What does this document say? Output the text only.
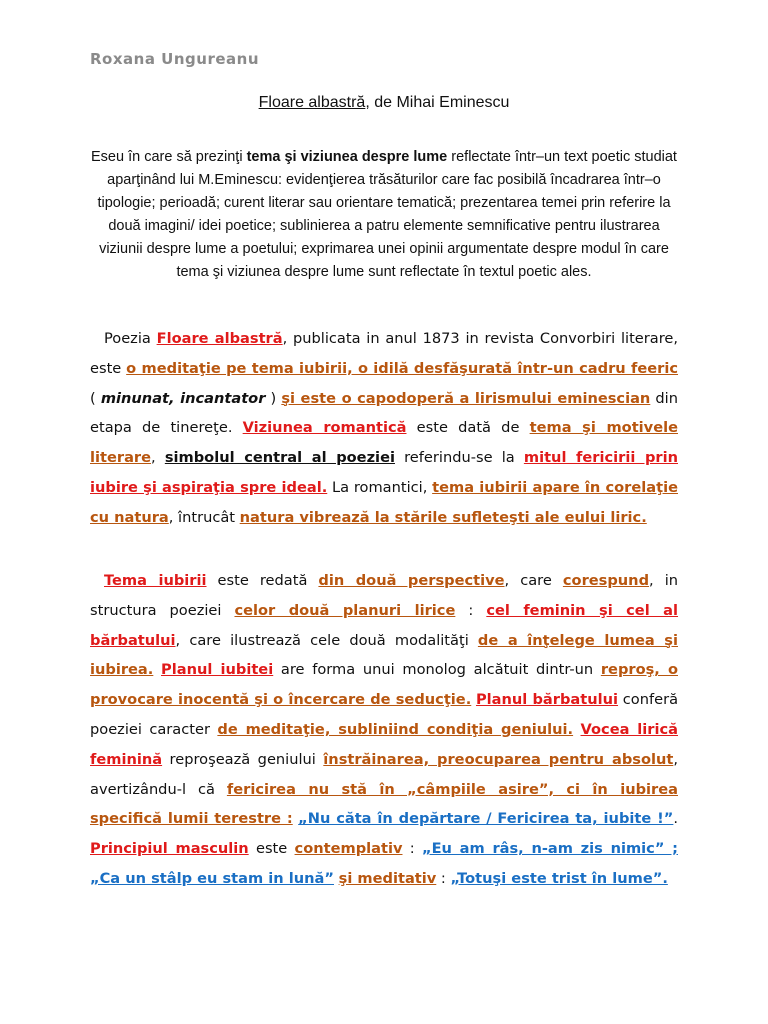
Roxana Ungureanu
Floare albastră, de Mihai Eminescu
Eseu în care să prezinţi tema şi viziunea despre lume reflectate într–un text poetic studiat aparţinând lui M.Eminescu: evidenţierea trăsăturilor care fac posibilă încadrarea într–o tipologie; perioadă; curent literar sau orientare tematică; prezentarea temei prin referire la două imagini/ idei poetice; sublinierea a patru elemente semnificative pentru ilustrarea viziunii despre lume a poetului; exprimarea unei opinii argumentate despre modul în care tema şi viziunea despre lume sunt reflectate în textul poetic ales.

Poezia Floare albastră, publicata in anul 1873 in revista Convorbiri literare, este o meditaţie pe tema iubirii, o idilă desfăşurată într-un cadru feeric ( minunat, incantator ) şi este o capodoperă a lirismului eminescian din etapa de tinereţe. Viziunea romantică este dată de tema şi motivele literare, simbolul central al poeziei referindu-se la mitul fericirii prin iubire şi aspiraţia spre ideal. La romantici, tema iubirii apare în corelaţie cu natura, întrucât natura vibrează la stările sufleteşti ale eului liric.

Tema iubirii este redată din două perspective, care corespund, in structura poeziei celor două planuri lirice : cel feminin şi cel al bărbatului, care ilustrează cele două modalităţi de a înţelege lumea şi iubirea. Planul iubitei are forma unui monolog alcătuit dintr-un reproş, o provocare inocentă şi o încercare de seducţie. Planul bărbatului conferă poeziei caracter de meditaţie, subliniind condiţia geniului. Vocea lirică feminină reproşează geniului înstrăinarea, preocuparea pentru absolut, avertizându-l că fericirea nu stă în „câmpiile asire”, ci în iubirea specifică lumii terestre : „Nu căta în depărtare / Fericirea ta, iubite !”. Principiul masculin este contemplativ : „Eu am râs, n-am zis nimic” ; „Ca un stâlp eu stam in lună” şi meditativ : „Totuşi este trist în lume”.
